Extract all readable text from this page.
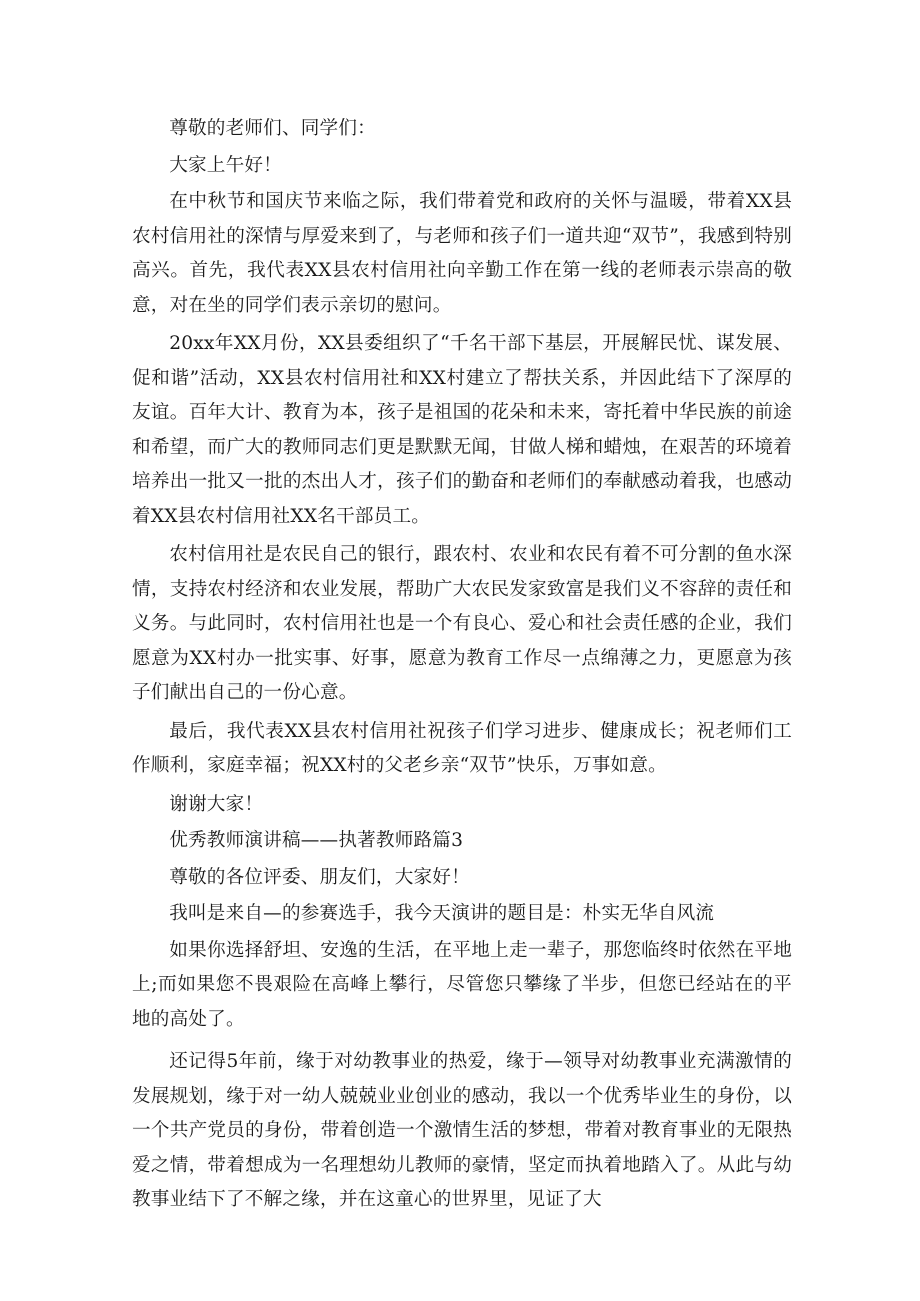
尊敬的老师们、同学们：

大家上午好！

在中秋节和国庆节来临之际，我们带着党和政府的关怀与温暖，带着XX县农村信用社的深情与厚爱来到了，与老师和孩子们一道共迎“双节”，我感到特别高兴。首先，我代表XX县农村信用社向辛勤工作在第一线的老师表示崇高的敬意，对在坐的同学们表示亲切的慰问。

20xx年XX月份，XX县委组织了“千名干部下基层，开展解民忧、谋发展、促和谐”活动，XX县农村信用社和XX村建立了帮扶关系，并因此结下了深厚的友谊。百年大计、教育为本，孩子是祖国的花朵和未来，寄托着中华民族的前途和希望，而广大的教师同志们更是默默无闻，甘做人梯和蜡烛，在艰苦的环境着培养出一批又一批的杰出人才，孩子们的勤奋和老师们的奉献感动着我，也感动着XX县农村信用社XX名干部员工。

农村信用社是农民自己的银行，跟农村、农业和农民有着不可分割的鱼水深情，支持农村经济和农业发展，帮助广大农民发家致富是我们义不容辞的责任和义务。与此同时，农村信用社也是一个有良心、爱心和社会责任感的企业，我们愿意为XX村办一批实事、好事，愿意为教育工作尽一点绵薄之力，更愿意为孩子们献出自己的一份心意。

最后，我代表XX县农村信用社祝孩子们学习进步、健康成长；祝老师们工作顺利，家庭幸福；祝XX村的父老乡亲“双节”快乐，万事如意。

谢谢大家！

优秀教师演讲稿——执著教师路篇3

尊敬的各位评委、朋友们，大家好！

我叫是来自—的参赛选手，我今天演讲的题目是：朴实无华自风流

如果你选择舒坦、安逸的生活，在平地上走一辈子，那您临终时依然在平地上;而如果您不畏艰险在高峰上攀行，尽管您只攀缘了半步，但您已经站在的平地的高处了。

还记得5年前，缘于对幼教事业的热爱，缘于—领导对幼教事业充满激情的发展规划，缘于对一幼人兢兢业业创业的感动，我以一个优秀毕业生的身份，以一个共产党员的身份，带着创造一个激情生活的梦想，带着对教育事业的无限热爱之情，带着想成为一名理想幼儿教师的豪情，坚定而执着地踏入了。从此与幼教事业结下了不解之缘，并在这童心的世界里，见证了大
